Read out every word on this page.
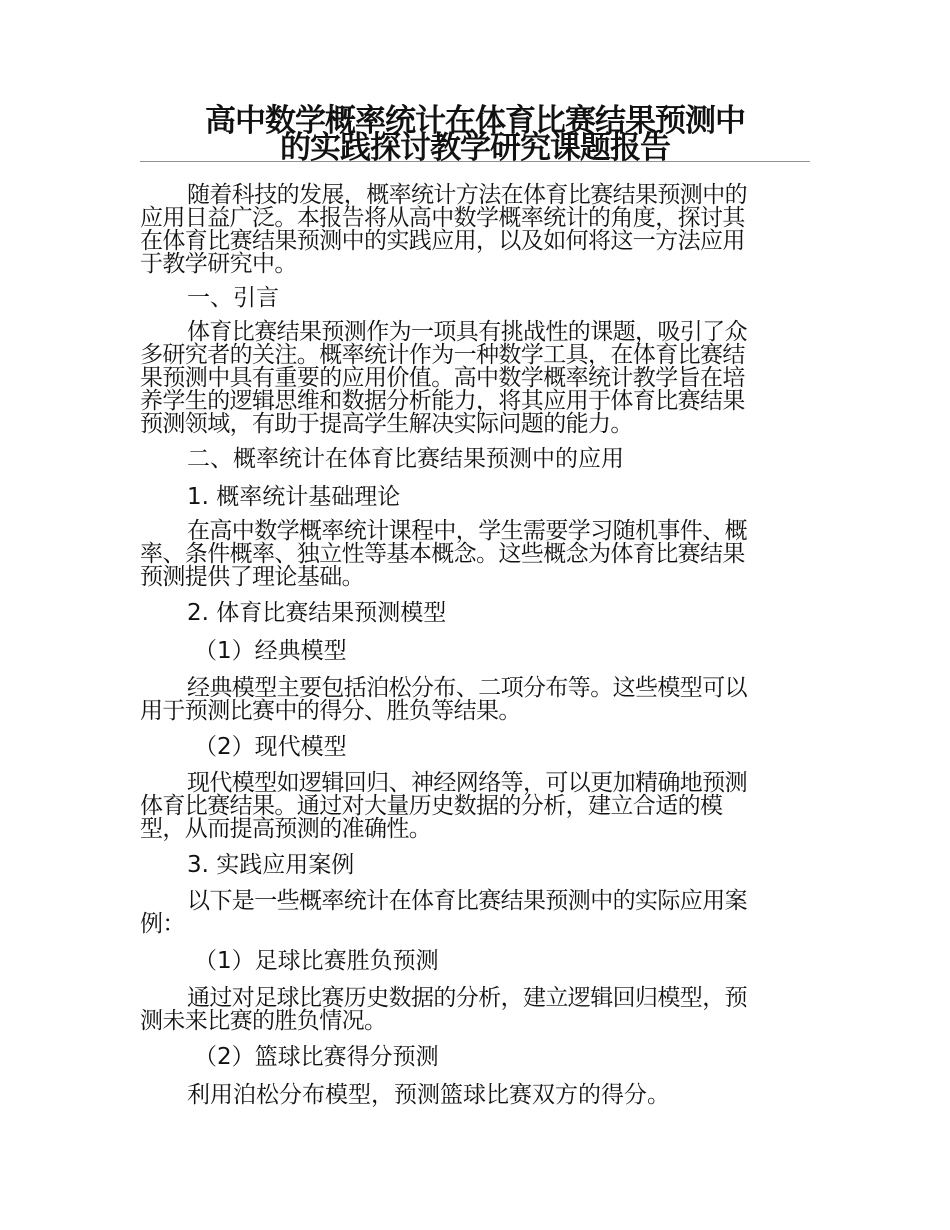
高中数学概率统计在体育比赛结果预测中
的实践探讨教学研究课题报告
随着科技的发展，概率统计方法在体育比赛结果预测中的
应用日益广泛。本报告将从高中数学概率统计的角度，探讨其
在体育比赛结果预测中的实践应用，以及如何将这一方法应用
于教学研究中。
一、引言
体育比赛结果预测作为一项具有挑战性的课题，吸引了众
多研究者的关注。概率统计作为一种数学工具，在体育比赛结
果预测中具有重要的应用价值。高中数学概率统计教学旨在培
养学生的逻辑思维和数据分析能力，将其应用于体育比赛结果
预测领域，有助于提高学生解决实际问题的能力。
二、概率统计在体育比赛结果预测中的应用
1. 概率统计基础理论
在高中数学概率统计课程中，学生需要学习随机事件、概
率、条件概率、独立性等基本概念。这些概念为体育比赛结果
预测提供了理论基础。
2. 体育比赛结果预测模型
（1）经典模型
经典模型主要包括泊松分布、二项分布等。这些模型可以
用于预测比赛中的得分、胜负等结果。
（2）现代模型
现代模型如逻辑回归、神经网络等，可以更加精确地预测
体育比赛结果。通过对大量历史数据的分析，建立合适的模
型，从而提高预测的准确性。
3. 实践应用案例
以下是一些概率统计在体育比赛结果预测中的实际应用案
例：
（1）足球比赛胜负预测
通过对足球比赛历史数据的分析，建立逻辑回归模型，预
测未来比赛的胜负情况。
（2）篮球比赛得分预测
利用泊松分布模型，预测篮球比赛双方的得分。
